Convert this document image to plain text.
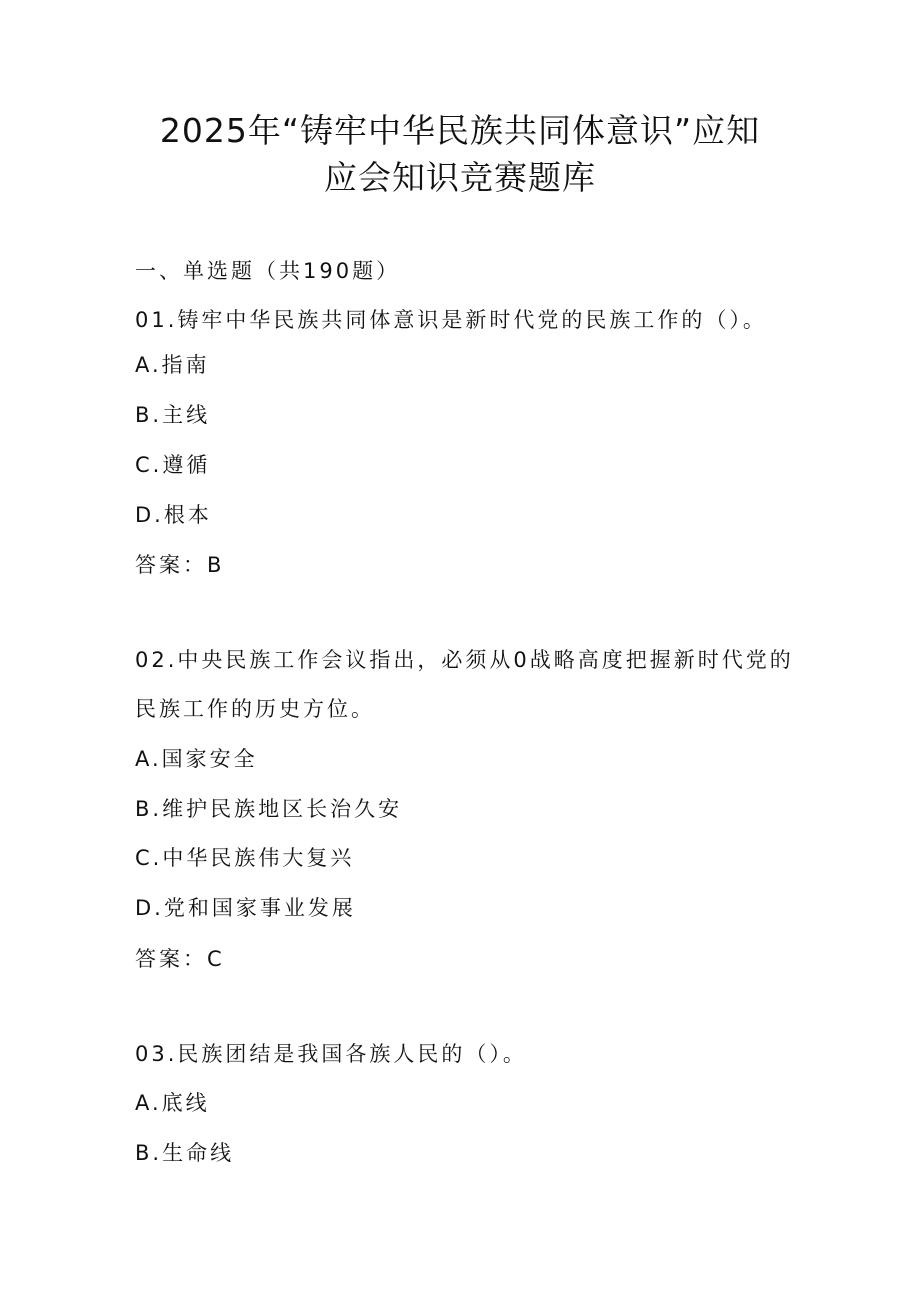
2025年“铸牢中华民族共同体意识”应知
应会知识竞赛题库
一、单选题（共190题）
01.铸牢中华民族共同体意识是新时代党的民族工作的（）。
A.指南
B.主线
C.遵循
D.根本
答案：B
02.中央民族工作会议指出，必须从0战略高度把握新时代党的
民族工作的历史方位。
A.国家安全
B.维护民族地区长治久安
C.中华民族伟大复兴
D.党和国家事业发展
答案：C
03.民族团结是我国各族人民的（）。
A.底线
B.生命线
